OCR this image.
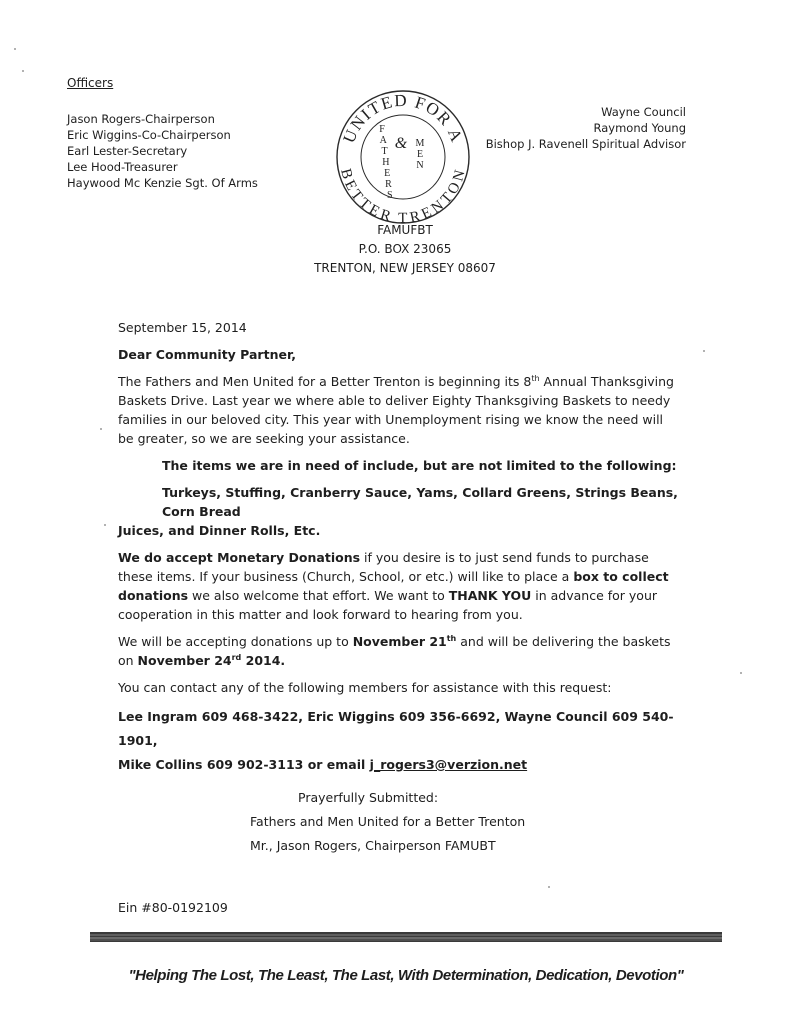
Officers
Jason Rogers-Chairperson
Eric Wiggins-Co-Chairperson
Earl Lester-Secretary
Lee Hood-Treasurer
Haywood Mc Kenzie Sgt. Of Arms
Wayne Council
Raymond Young
Bishop J. Ravenell Spiritual Advisor
UNITED FOR A
BETTER TRENTON
F A T H E R S
M E N
&
FAMUFBT
P.O. BOX 23065
TRENTON, NEW JERSEY 08607

September 15, 2014

Dear Community Partner,

The Fathers and Men United for a Better Trenton is beginning its 8th Annual Thanksgiving Baskets Drive. Last year we where able to deliver Eighty Thanksgiving Baskets to needy families in our beloved city. This year with Unemployment rising we know the need will be greater, so we are seeking your assistance.

The items we are in need of include, but are not limited to the following:

Turkeys, Stuffing, Cranberry Sauce, Yams, Collard Greens, Strings Beans, Corn Bread

Juices, and Dinner Rolls, Etc.

We do accept Monetary Donations if you desire is to just send funds to purchase these items. If your business (Church, School, or etc.) will like to place a box to collect donations we also welcome that effort. We want to THANK YOU in advance for your cooperation in this matter and look forward to hearing from you.

We will be accepting donations up to November 21th and will be delivering the baskets on November 24rd 2014.

You can contact any of the following members for assistance with this request:

Lee Ingram 609 468-3422, Eric Wiggins 609 356-6692, Wayne Council 609 540-1901,

Mike Collins 609 902-3113 or email j_rogers3@verzion.net

Prayerfully Submitted:
Fathers and Men United for a Better Trenton
Mr., Jason Rogers, Chairperson FAMUBT
Ein #80-0192109
"Helping The Lost, The Least, The Last, With Determination, Dedication, Devotion"
